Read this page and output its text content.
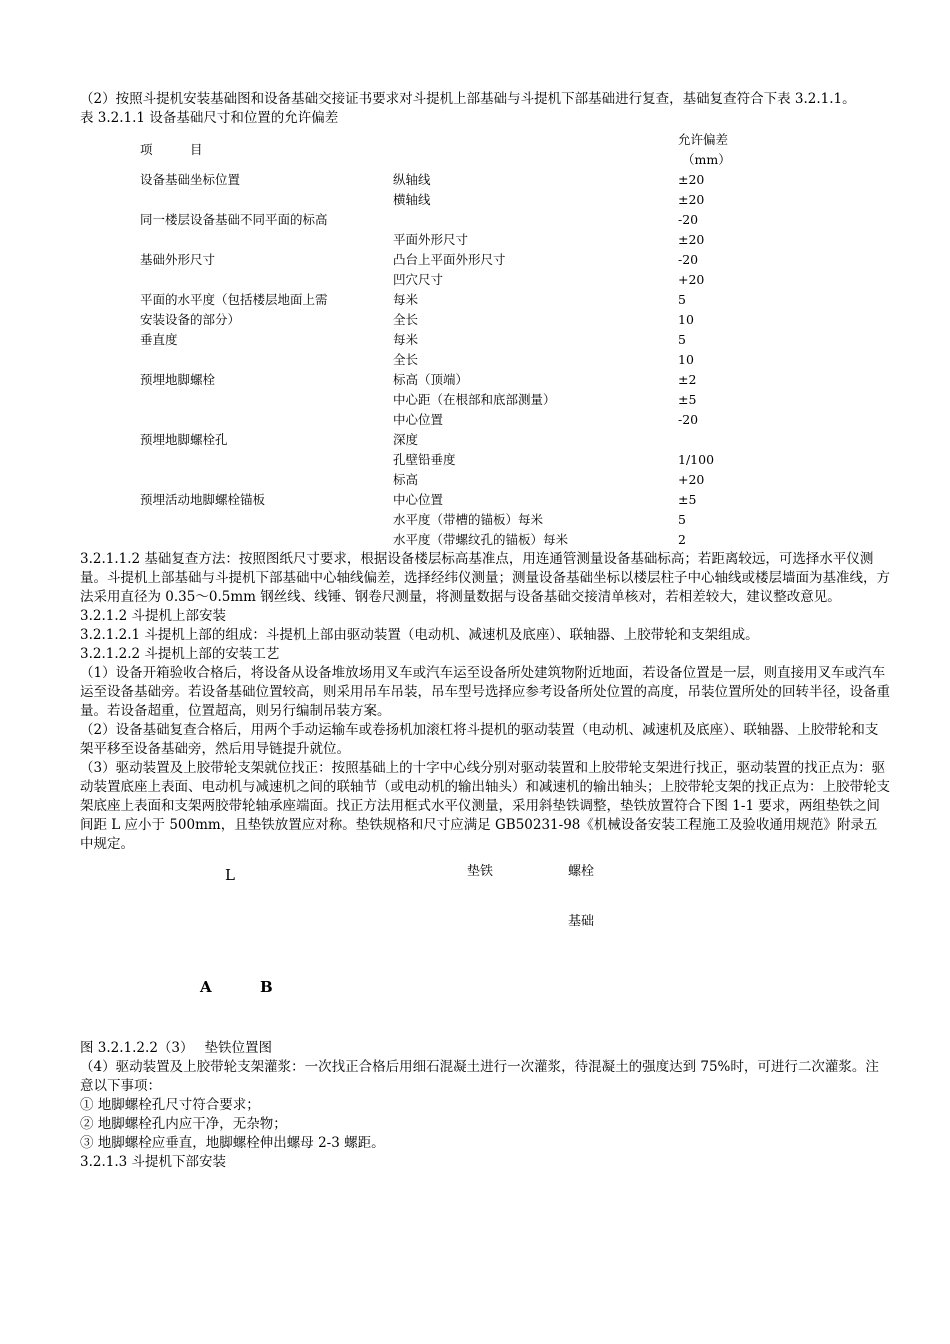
（2）按照斗提机安装基础图和设备基础交接证书要求对斗提机上部基础与斗提机下部基础进行复查，基础复查符合下表 3.2.1.1。

表 3.2.1.1 设备基础尺寸和位置的允许偏差

项　　　目		允许偏差
（mm）

设备基础坐标位置	纵轴线	±20
	横轴线	±20
同一楼层设备基础不同平面的标高		-20
	平面外形尺寸	±20
基础外形尺寸	凸台上平面外形尺寸	-20
	凹穴尺寸	+20
平面的水平度（包括楼层地面上需	每米	5
安装设备的部分）	全长	10
垂直度	每米	5
	全长	10
预埋地脚螺栓	标高（顶端）	±2
	中心距（在根部和底部测量）	±5
	中心位置	-20
预埋地脚螺栓孔	深度	
	孔壁铅垂度	1/100
	标高	+20
预埋活动地脚螺栓锚板	中心位置	±5
	水平度（带槽的锚板）每米	5
	水平度（带螺纹孔的锚板）每米	2

3.2.1.1.2 基础复查方法：按照图纸尺寸要求，根据设备楼层标高基准点，用连通管测量设备基础标高；若距离较远，可选择水平仪测量。斗提机上部基础与斗提机下部基础中心轴线偏差，选择经纬仪测量；测量设备基础坐标以楼层柱子中心轴线或楼层墙面为基准线，方法采用直径为 0.35～0.5mm 钢丝线、线锤、钢卷尺测量，将测量数据与设备基础交接清单核对，若相差较大，建议整改意见。

3.2.1.2 斗提机上部安装

3.2.1.2.1 斗提机上部的组成：斗提机上部由驱动装置（电动机、减速机及底座）、联轴器、上胶带轮和支架组成。

3.2.1.2.2 斗提机上部的安装工艺

（1）设备开箱验收合格后，将设备从设备堆放场用叉车或汽车运至设备所处建筑物附近地面，若设备位置是一层，则直接用叉车或汽车运至设备基础旁。若设备基础位置较高，则采用吊车吊装，吊车型号选择应参考设备所处位置的高度，吊装位置所处的回转半径，设备重量。若设备超重，位置超高，则另行编制吊装方案。

（2）设备基础复查合格后，用两个手动运输车或卷扬机加滚杠将斗提机的驱动装置（电动机、减速机及底座）、联轴器、上胶带轮和支架平移至设备基础旁，然后用导链提升就位。

（3）驱动装置及上胶带轮支架就位找正：按照基础上的十字中心线分别对驱动装置和上胶带轮支架进行找正，驱动装置的找正点为：驱动装置底座上表面、电动机与减速机之间的联轴节（或电动机的输出轴头）和减速机的输出轴头；上胶带轮支架的找正点为：上胶带轮支架底座上表面和支架两胶带轮轴承座端面。找正方法用框式水平仪测量，采用斜垫铁调整，垫铁放置符合下图 1-1 要求，两组垫铁之间间距 L 应小于 500mm，且垫铁放置应对称。垫铁规格和尺寸应满足 GB50231-98《机械设备安装工程施工及验收通用规范》附录五中规定。

L	垫铁	螺栓
基础
A	B

图 3.2.1.2.2（3）　 垫铁位置图

（4）驱动装置及上胶带轮支架灌浆：一次找正合格后用细石混凝土进行一次灌浆，待混凝土的强度达到 75%时，可进行二次灌浆。注意以下事项：

① 地脚螺栓孔尺寸符合要求；

② 地脚螺栓孔内应干净，无杂物；

③ 地脚螺栓应垂直，地脚螺栓伸出螺母 2-3 螺距。

3.2.1.3 斗提机下部安装
